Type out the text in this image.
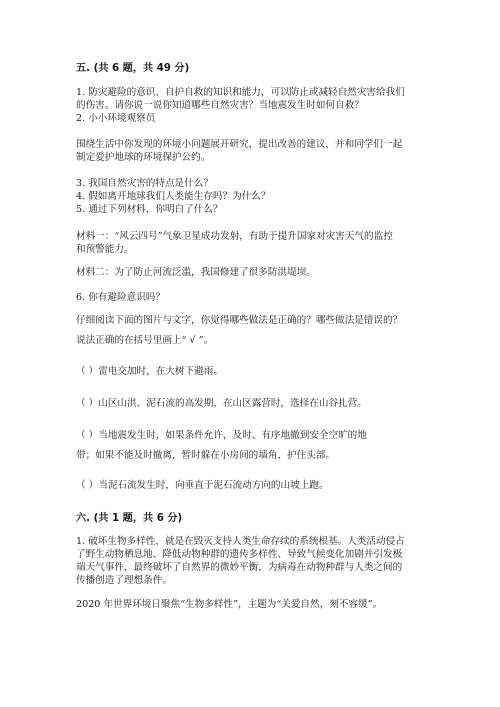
五. (共 6 题，共 49 分)
1. 防灾避险的意识、自护自救的知识和能力，可以防止或减轻自然灾害给我们
的伤害。请你说一说你知道哪些自然灾害？当地震发生时如何自救？
2. 小小环境观察员
围绕生活中你发现的环境小问题展开研究，提出改善的建议，并和同学们一起
制定爱护地球的环境保护公约。
3. 我国自然灾害的特点是什么？
4. 假如离开地球我们人类能生存吗？为什么？
5. 通过下列材料，你明白了什么？
材料一：“风云四号”气象卫星成功发射，有助于提升国家对灾害天气的监控
和预警能力。
材料二：为了防止河流泛滥，我国修建了很多防洪堤坝。
6. 你有避险意识吗？
仔细阅读下面的图片与文字，你觉得哪些做法是正确的？哪些做法是错误的？
说法正确的在括号里画上“ √ ”。
（ ）雷电交加时，在大树下避雨。
（ ）山区山洪、泥石流的高发期，在山区露营时，选择在山谷扎营。
（ ）当地震发生时，如果条件允许，及时、有序地撤到安全空旷的地
带；如果不能及时撤离，暂时躲在小房间的墙角，护住头部。
（ ）当泥石流发生时，向垂直于泥石流动方向的山坡上跑。
六. (共 1 题，共 6 分)
1. 破坏生物多样性，就是在毁灭支持人类生命存续的系统根基。人类活动侵占
了野生动物栖息地、降低动物种群的遗传多样性、导致气候变化加剧并引发极
端天气事件，最终破坏了自然界的微妙平衡，为病毒在动物种群与人类之间的
传播创造了理想条件。
2020 年世界环境日聚焦“生物多样性”，主题为“关爱自然，刻不容缓”。
